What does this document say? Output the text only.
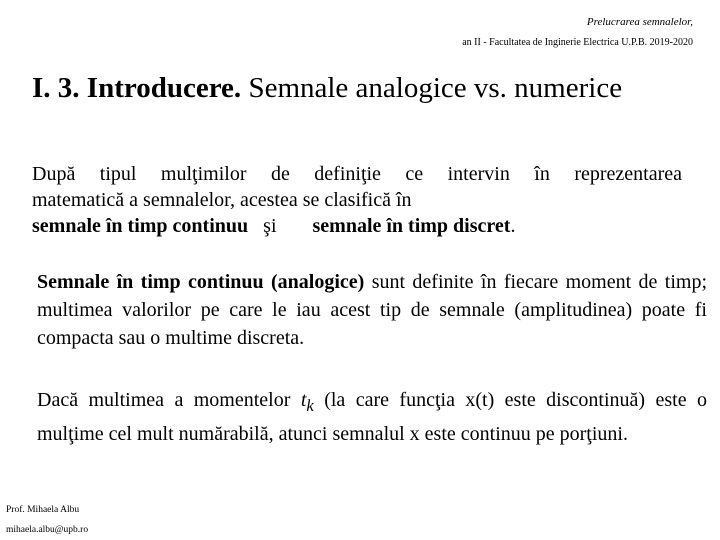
Prelucrarea semnalelor,
an II - Facultatea de Inginerie Electrica U.P.B. 2019-2020
I. 3. Introducere. Semnale analogice vs. numerice
După tipul mulţimilor de definiţie ce intervin în reprezentarea
matematică a semnalelor, acestea se clasifică în
semnale în timp continuu şi semnale în timp discret.
Semnale în timp continuu (analogice) sunt definite în fiecare moment de timp; multimea valorilor pe care le iau acest tip de semnale (amplitudinea) poate fi compacta sau o multime discreta.
Dacă multimea a momentelor $t_k$ (la care funcţia x(t) este discontinuă) este o mulţime cel mult numărabilă, atunci semnalul x este continuu pe porţiuni.
Prof. Mihaela Albu
mihaela.albu@upb.ro
